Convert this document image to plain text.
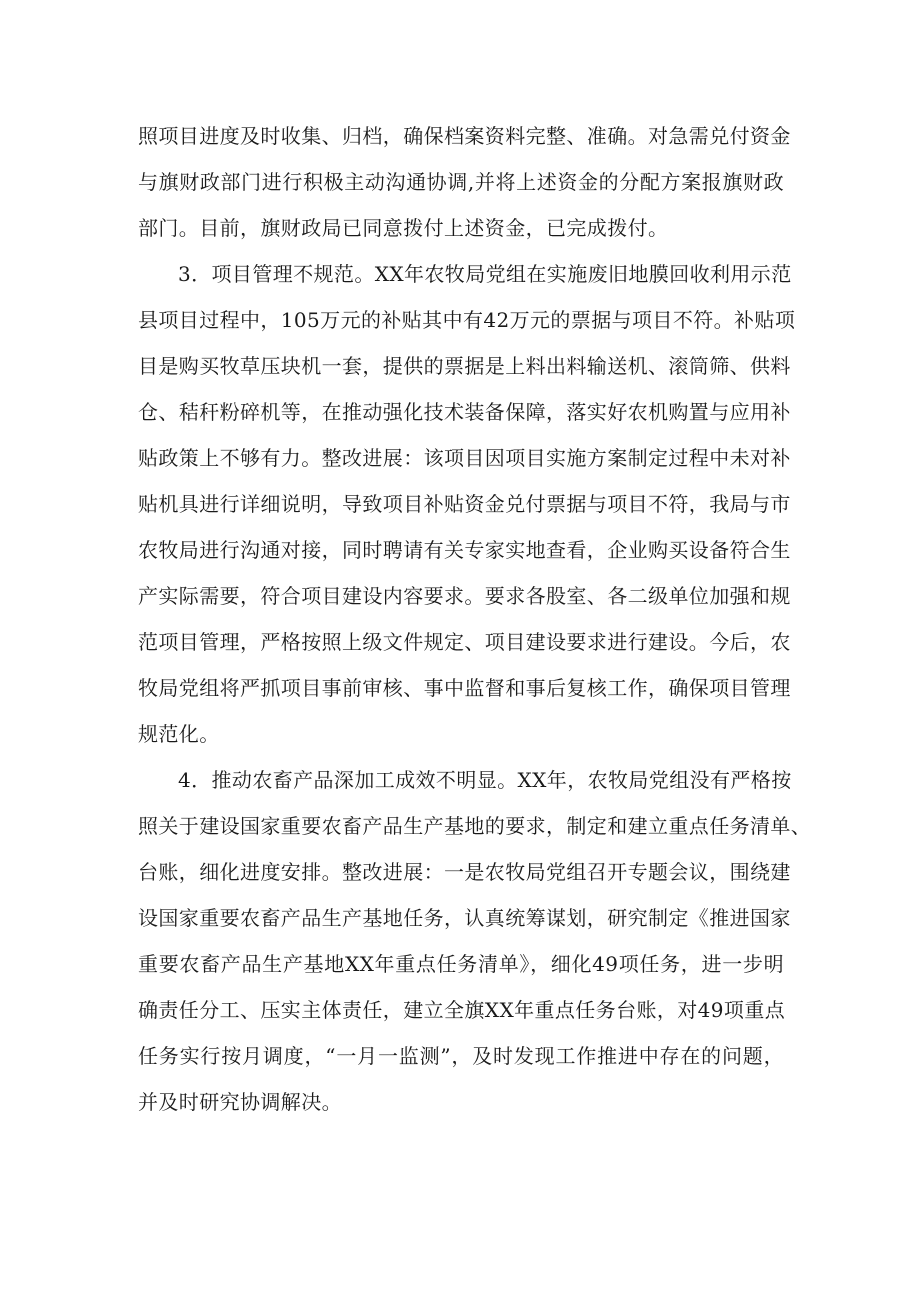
照项目进度及时收集、归档，确保档案资料完整、准确。对急需兑付资金
与旗财政部门进行积极主动沟通协调,并将上述资金的分配方案报旗财政
部门。目前，旗财政局已同意拨付上述资金，已完成拨付。
3．项目管理不规范。XX年农牧局党组在实施废旧地膜回收利用示范
县项目过程中，105万元的补贴其中有42万元的票据与项目不符。补贴项
目是购买牧草压块机一套，提供的票据是上料出料输送机、滚筒筛、供料
仓、秸秆粉碎机等，在推动强化技术装备保障，落实好农机购置与应用补
贴政策上不够有力。整改进展：该项目因项目实施方案制定过程中未对补
贴机具进行详细说明，导致项目补贴资金兑付票据与项目不符，我局与市
农牧局进行沟通对接，同时聘请有关专家实地查看，企业购买设备符合生
产实际需要，符合项目建设内容要求。要求各股室、各二级单位加强和规
范项目管理，严格按照上级文件规定、项目建设要求进行建设。今后，农
牧局党组将严抓项目事前审核、事中监督和事后复核工作，确保项目管理
规范化。
4．推动农畜产品深加工成效不明显。XX年，农牧局党组没有严格按
照关于建设国家重要农畜产品生产基地的要求，制定和建立重点任务清单、
台账，细化进度安排。整改进展：一是农牧局党组召开专题会议，围绕建
设国家重要农畜产品生产基地任务，认真统筹谋划，研究制定《推进国家
重要农畜产品生产基地XX年重点任务清单》，细化49项任务，进一步明
确责任分工、压实主体责任，建立全旗XX年重点任务台账，对49项重点
任务实行按月调度，“一月一监测”，及时发现工作推进中存在的问题，
并及时研究协调解决。
